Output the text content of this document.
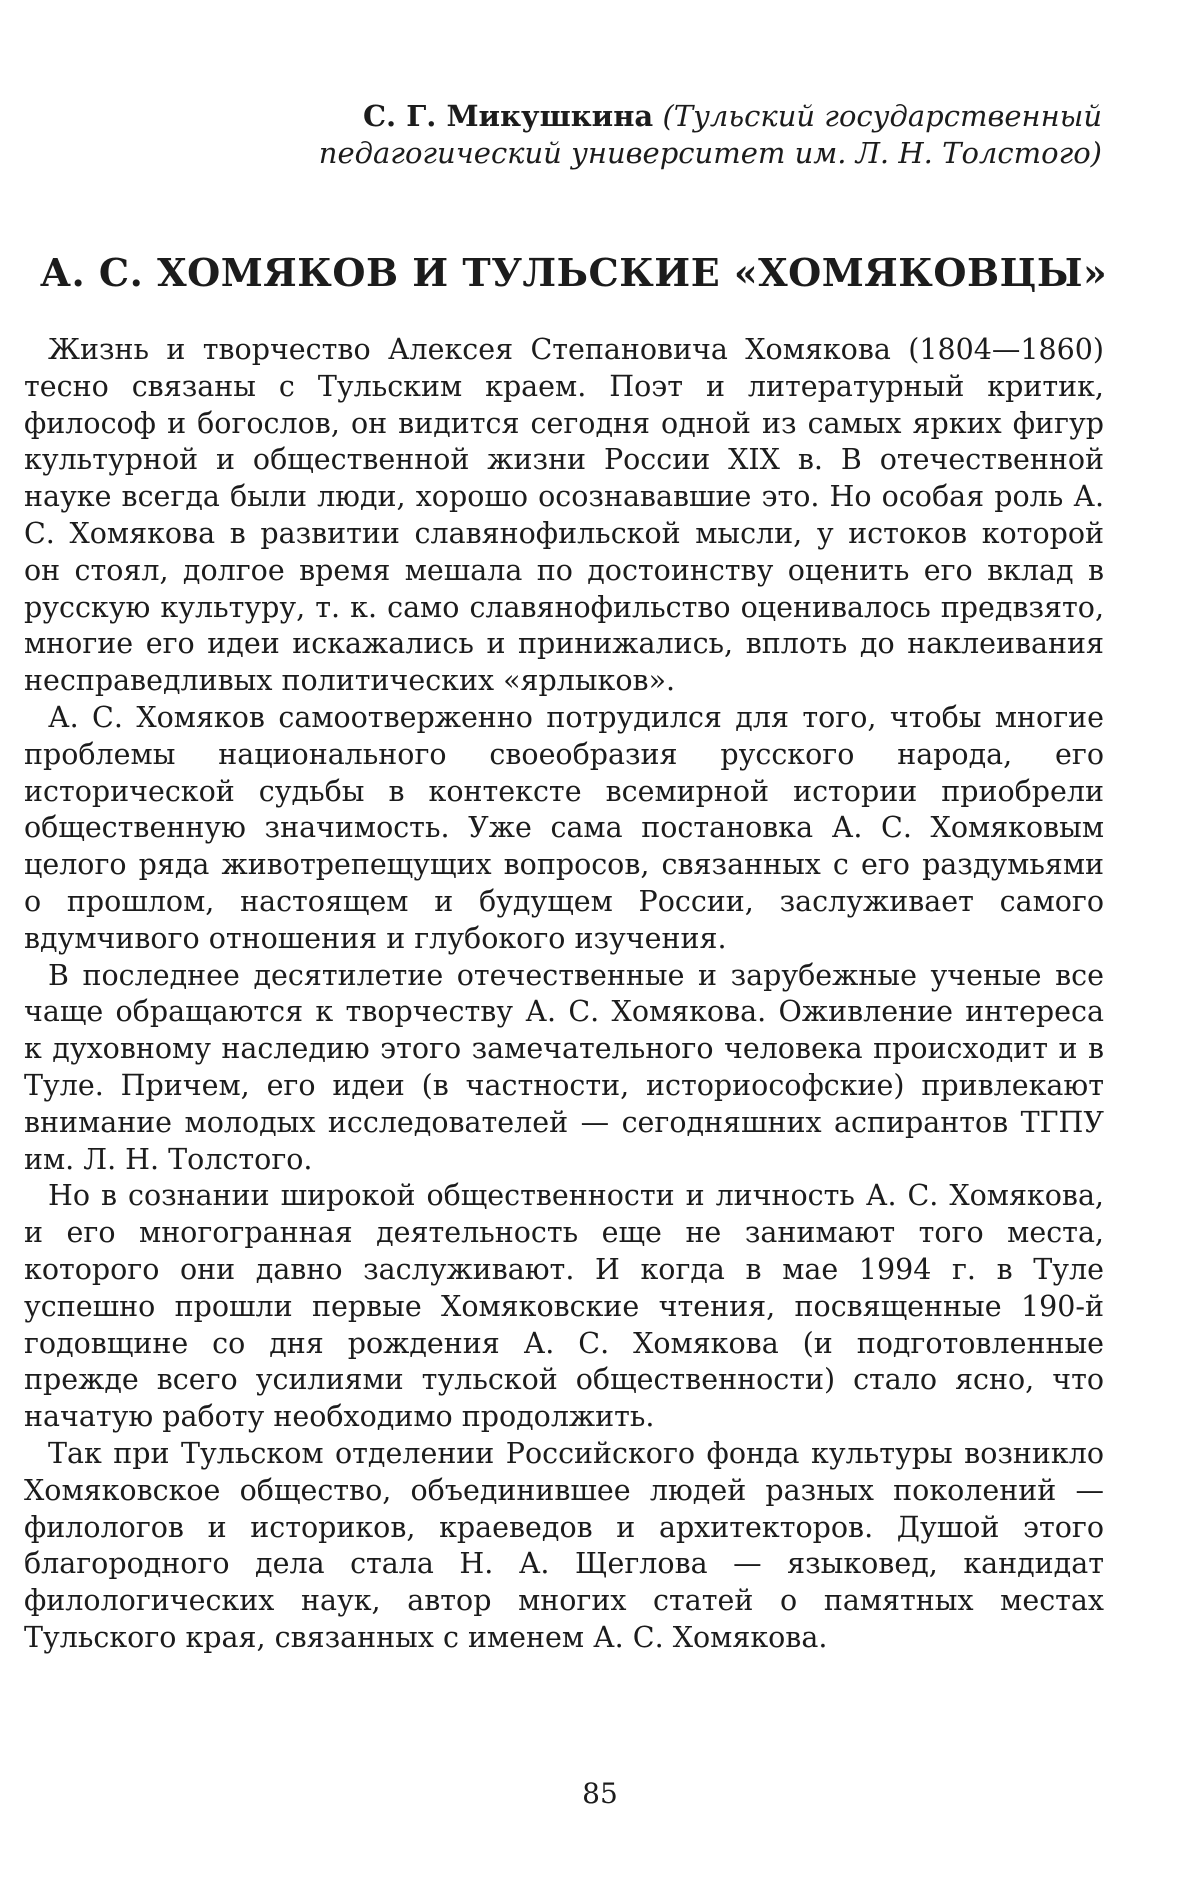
С. Г. Микушкина (Тульский государственный
педагогический университет им. Л. Н. Толстого)
А. С. ХОМЯКОВ И ТУЛЬСКИЕ «ХОМЯКОВЦЫ»

Жизнь и творчество Алексея Степановича Хомякова (1804—1860) тесно связаны с Тульским краем. Поэт и литературный критик, философ и богослов, он видится сегодня одной из самых ярких фигур культурной и общественной жизни России XIX в. В отечественной науке всегда были люди, хорошо осознававшие это. Но особая роль А. С. Хомякова в развитии славянофильской мысли, у истоков которой он стоял, долгое время мешала по достоинству оценить его вклад в русскую культуру, т. к. само славянофильство оценивалось предвзято, многие его идеи искажались и принижались, вплоть до наклеивания несправедливых политических «ярлыков».

А. С. Хомяков самоотверженно потрудился для того, чтобы многие проблемы национального своеобразия русского народа, его исторической судьбы в контексте всемирной истории приобрели общественную значимость. Уже сама постановка А. С. Хомяковым целого ряда животрепещущих вопросов, связанных с его раздумьями о прошлом, настоящем и будущем России, заслуживает самого вдумчивого отношения и глубокого изучения.

В последнее десятилетие отечественные и зарубежные ученые все чаще обращаются к творчеству А. С. Хомякова. Оживление интереса к духовному наследию этого замечательного человека происходит и в Туле. Причем, его идеи (в частности, историософские) привлекают внимание молодых исследователей — сегодняшних аспирантов ТГПУ им. Л. Н. Толстого.

Но в сознании широкой общественности и личность А. С. Хомякова, и его многогранная деятельность еще не занимают того места, которого они давно заслуживают. И когда в мае 1994 г. в Туле успешно прошли первые Хомяковские чтения, посвященные 190-й годовщине со дня рождения А. С. Хомякова (и подготовленные прежде всего усилиями тульской общественности) стало ясно, что начатую работу необходимо продолжить.

Так при Тульском отделении Российского фонда культуры возникло Хомяковское общество, объединившее людей разных поколений — филологов и историков, краеведов и архитекторов. Душой этого благородного дела стала Н. А. Щеглова — языковед, кандидат филологических наук, автор многих статей о памятных местах Тульского края, связанных с именем А. С. Хомякова.

85
